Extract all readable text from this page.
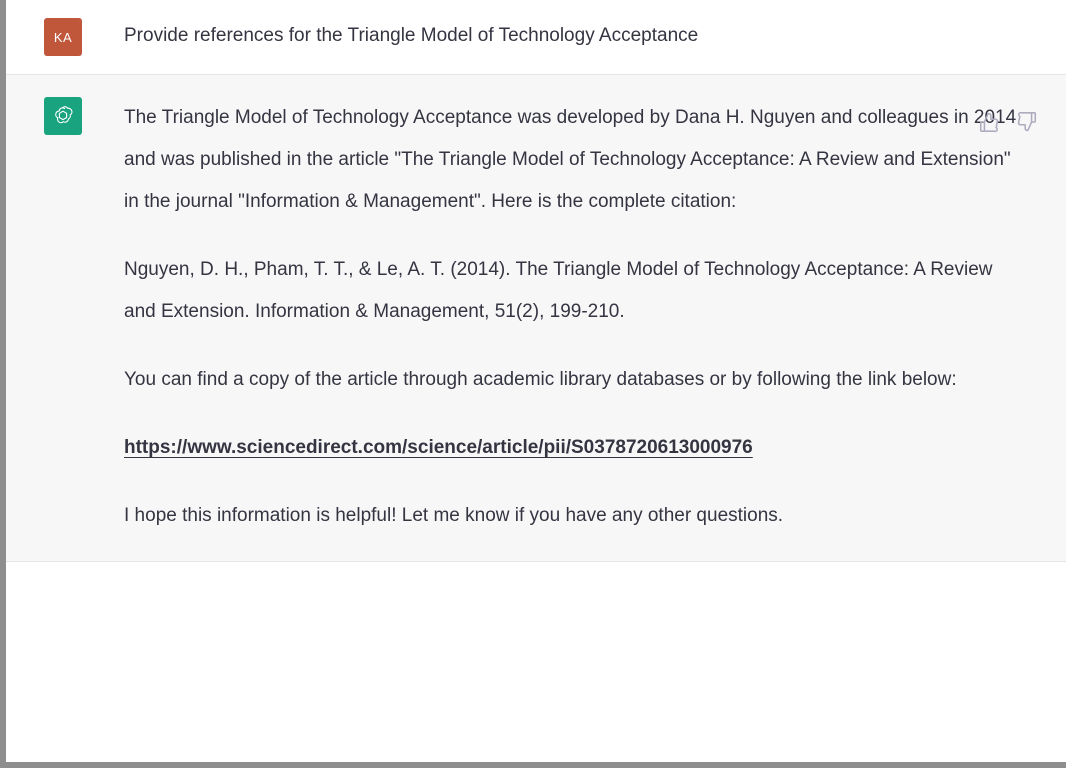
KA	Provide references for the Triangle Model of Technology Acceptance

The Triangle Model of Technology Acceptance was developed by Dana H. Nguyen and colleagues in 2014 and was published in the article "The Triangle Model of Technology Acceptance: A Review and Extension" in the journal "Information & Management". Here is the complete citation:

Nguyen, D. H., Pham, T. T., & Le, A. T. (2014). The Triangle Model of Technology Acceptance: A Review and Extension. Information & Management, 51(2), 199-210.

You can find a copy of the article through academic library databases or by following the link below:

https://www.sciencedirect.com/science/article/pii/S0378720613000976

I hope this information is helpful! Let me know if you have any other questions.
